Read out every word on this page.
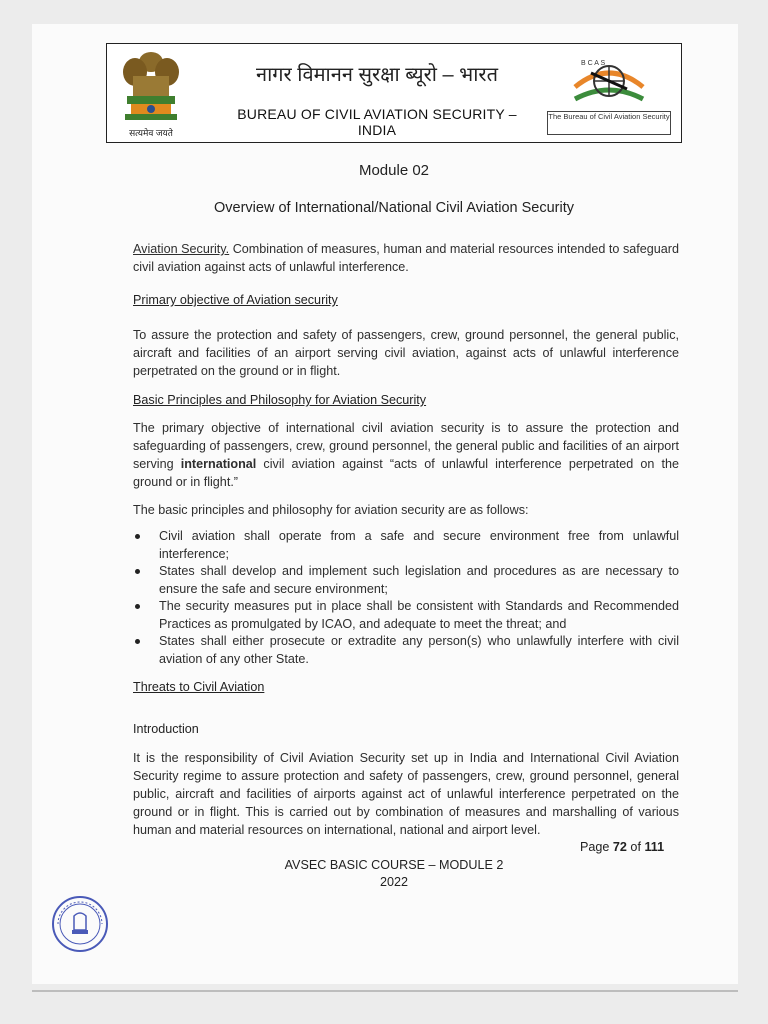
सत्यमेव जयते
नागर विमानन सुरक्षा ब्यूरो – भारत
BUREAU OF CIVIL AVIATION SECURITY – INDIA
B C A S
The Bureau of Civil Aviation Security
Module 02
Overview of International/National Civil Aviation Security
Aviation Security. Combination of measures, human and material resources intended to safeguard civil aviation against acts of unlawful interference.
Primary objective of Aviation security
To assure the protection and safety of passengers, crew, ground personnel, the general public, aircraft and facilities of an airport serving civil aviation, against acts of unlawful interference perpetrated on the ground or in flight.
Basic Principles and Philosophy for Aviation Security
The primary objective of international civil aviation security is to assure the protection and safeguarding of passengers, crew, ground personnel, the general public and facilities of an airport serving international civil aviation against “acts of unlawful interference perpetrated on the ground or in flight.”
The basic principles and philosophy for aviation security are as follows:
Civil aviation shall operate from a safe and secure environment free from unlawful interference;
States shall develop and implement such legislation and procedures as are necessary to ensure the safe and secure environment;
The security measures put in place shall be consistent with Standards and Recommended Practices as promulgated by ICAO, and adequate to meet the threat; and
States shall either prosecute or extradite any person(s) who unlawfully interfere with civil aviation of any other State.
Threats to Civil Aviation
Introduction
It is the responsibility of Civil Aviation Security set up in India and International Civil Aviation Security regime to assure protection and safety of passengers, crew, ground personnel, general public, aircraft and facilities of airports against act of unlawful interference perpetrated on the ground or in flight. This is carried out by combination of measures and marshalling of various human and material resources on international, national and airport level.
Page 72 of 111
AVSEC BASIC COURSE – MODULE 2
2022
